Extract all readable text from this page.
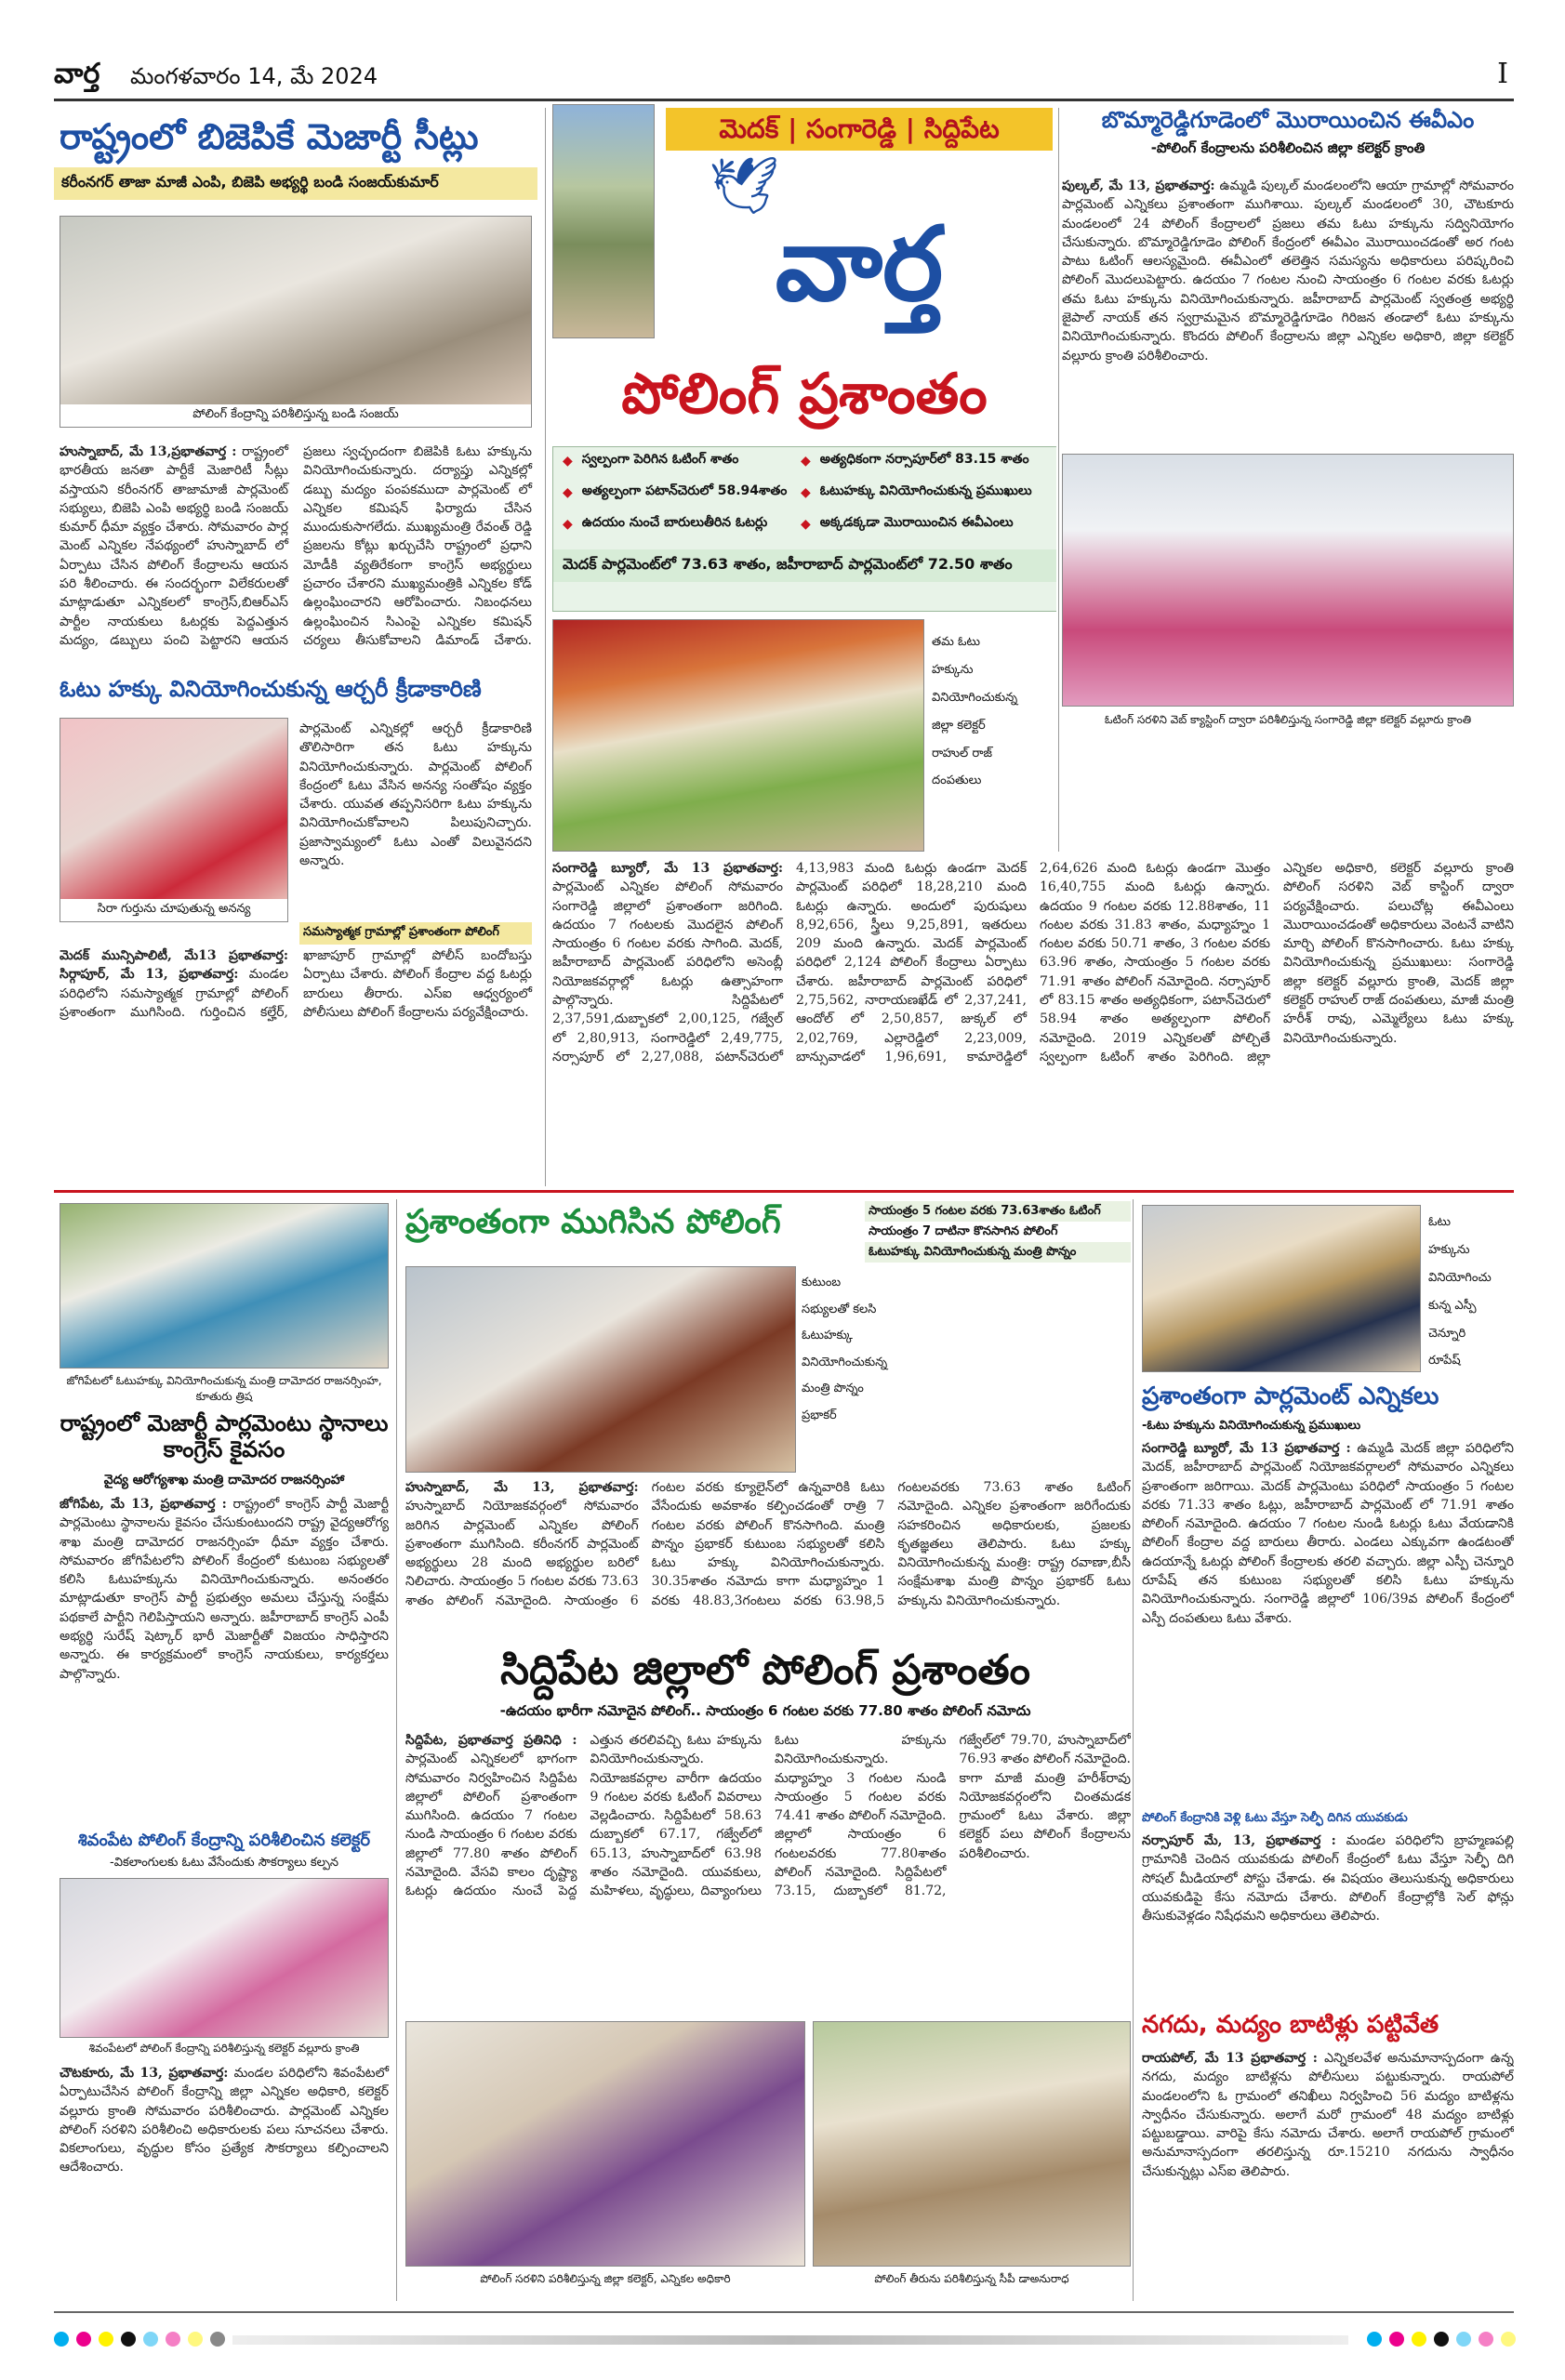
వార్త మంగళవారం 14, మే 2024	I
రాష్ట్రంలో బిజెపికే మెజార్టీ సీట్లు
కరీంనగర్ తాజా మాజీ ఎంపి, బిజెపి అభ్యర్థి బండి సంజయ్‌కుమార్
పోలింగ్ కేంద్రాన్ని పరిశీలిస్తున్న బండి సంజయ్
హుస్నాబాద్, మే 13,ప్రభాతవార్త : రాష్ట్రంలో భారతీయ జనతా పార్టీకే మెజారిటీ సీట్లు వస్తాయని కరీంనగర్ తాజామాజీ పార్లమెంట్ సభ్యులు, బిజెపి ఎంపి అభ్యర్థి బండి సంజయ్ కుమార్ ధీమా వ్యక్తం చేశారు. సోమవారం పార్ల మెంట్ ఎన్నికల నేపథ్యంలో హుస్నాబాద్ లో ఏర్పాటు చేసిన పోలింగ్ కేంద్రాలను ఆయన పరి శీలించారు. ఈ సందర్భంగా విలేకరులతో మాట్లాడుతూ ఎన్నికలలో కాంగ్రెస్,బిఆర్ఎస్ పార్టీల నాయకులు ఓటర్లకు పెద్దఎత్తున మద్యం, డబ్బులు పంచి పెట్టారని ఆయన ప్రజలు స్వచ్ఛందంగా బిజెపికి ఓటు హక్కును వినియోగించుకున్నారు. దర్యాప్తు ఎన్నికల్లో డబ్బు మద్యం పంపకముదా పార్లమెంట్ లో ఎన్నికల కమిషన్ ఫిర్యాదు చేసిన ముందుకుసాగలేదు. ముఖ్యమంత్రి రేవంత్ రెడ్డి ప్రజలను కోట్లు ఖర్చుచేసి రాష్ట్రంలో ప్రధాని మోడీకి వ్యతిరేకంగా కాంగ్రెస్ అభ్యర్థులు ప్రచారం చేశారని ముఖ్యమంత్రికి ఎన్నికల కోడ్ ఉల్లంఘించారని ఆరోపించారు. నిబంధనలు ఉల్లంఘించిన సిఎంపై ఎన్నికల కమిషన్ చర్యలు తీసుకోవాలని డిమాండ్ చేశారు.
మెదక్ | సంగారెడ్డి | సిద్దిపేట
🕊
వార్త
పోలింగ్ ప్రశాంతం
◆ స్వల్పంగా పెరిగిన ఓటింగ్ శాతం	◆ అత్యధికంగా నర్సాపూర్‌లో 83.15 శాతం
◆ అత్యల్పంగా పటాన్‌చెరులో 58.94శాతం ◆ ఓటుహక్కు వినియోగించుకున్న ప్రముఖులు
◆ ఉదయం నుంచే బారులుతీరిన ఓటర్లు	◆ అక్కడక్కడా మొరాయించిన ఈవీఎంలు
మెదక్ పార్లమెంట్‌లో 73.63 శాతం, జహీరాబాద్ పార్లమెంట్‌లో 72.50 శాతం
తమ ఓటు
హక్కును
వినియోగించుకున్న
జిల్లా కలెక్టర్
రాహుల్ రాజ్
దంపతులు
సంగారెడ్డి బ్యూరో, మే 13 ప్రభాతవార్త: పార్లమెంట్ ఎన్నికల పోలింగ్ సోమవారం సంగారెడ్డి జిల్లాలో ప్రశాంతంగా జరిగింది. ఉదయం 7 గంటలకు మొదలైన పోలింగ్ సాయంత్రం 6 గంటల వరకు సాగింది. మెదక్, జహీరాబాద్ పార్లమెంట్ పరిధిలోని అసెంబ్లీ నియోజకవర్గాల్లో ఓటర్లు ఉత్సాహంగా పాల్గొన్నారు. సిద్దిపేటలో 2,37,591,దుబ్బాకలో 2,00,125, గజ్వేల్ లో 2,80,913, సంగారెడ్డిలో 2,49,775, నర్సాపూర్ లో 2,27,088, పటాన్‌చెరులో 4,13,983 మంది ఓటర్లు ఉండగా మెదక్ పార్లమెంట్ పరిధిలో 18,28,210 మంది ఓటర్లు ఉన్నారు. అందులో పురుషులు 8,92,656, స్త్రీలు 9,25,891, ఇతరులు 209 మంది ఉన్నారు. మెదక్ పార్లమెంట్ పరిధిలో 2,124 పోలింగ్ కేంద్రాలు ఏర్పాటు చేశారు. జహీరాబాద్ పార్లమెంట్ పరిధిలో 2,75,562, నారాయణఖేడ్ లో 2,37,241, ఆందోల్ లో 2,50,857, జుక్కల్ లో 2,02,769, ఎల్లారెడ్డిలో 2,23,009, బాన్సువాడలో 1,96,691, కామారెడ్డిలో 2,64,626 మంది ఓటర్లు ఉండగా మొత్తం 16,40,755 మంది ఓటర్లు ఉన్నారు. ఉదయం 9 గంటల వరకు 12.88శాతం, 11 గంటల వరకు 31.83 శాతం, మధ్యాహ్నం 1 గంటల వరకు 50.71 శాతం, 3 గంటల వరకు 63.96 శాతం, సాయంత్రం 5 గంటల వరకు 71.91 శాతం పోలింగ్ నమోదైంది. నర్సాపూర్ లో 83.15 శాతం అత్యధికంగా, పటాన్‌చెరులో 58.94 శాతం అత్యల్పంగా పోలింగ్ నమోదైంది. 2019 ఎన్నికలతో పోల్చితే స్వల్పంగా ఓటింగ్ శాతం పెరిగింది. జిల్లా ఎన్నికల అధికారి, కలెక్టర్ వల్లూరు క్రాంతి పోలింగ్ సరళిని వెబ్ కాస్టింగ్ ద్వారా పర్యవేక్షించారు. పలుచోట్ల ఈవీఎంలు మొరాయించడంతో అధికారులు వెంటనే వాటిని మార్చి పోలింగ్ కొనసాగించారు. ఓటు హక్కు వినియోగించుకున్న ప్రముఖులు: సంగారెడ్డి జిల్లా కలెక్టర్ వల్లూరు క్రాంతి, మెదక్ జిల్లా కలెక్టర్ రాహుల్ రాజ్ దంపతులు, మాజీ మంత్రి హరీశ్ రావు, ఎమ్మెల్యేలు ఓటు హక్కు వినియోగించుకున్నారు.
బొమ్మారెడ్డిగూడెంలో మొరాయించిన ఈవీఎం
-పోలింగ్ కేంద్రాలను పరిశీలించిన జిల్లా కలెక్టర్ క్రాంతి
పుల్కల్, మే 13, ప్రభాతవార్త: ఉమ్మడి పుల్కల్ మండలంలోని ఆయా గ్రామాల్లో సోమవారం పార్లమెంట్ ఎన్నికలు ప్రశాంతంగా ముగిశాయి. పుల్కల్ మండలంలో 30, చౌటకూరు మండలంలో 24 పోలింగ్ కేంద్రాలలో ప్రజలు తమ ఓటు హక్కును సద్వినియోగం చేసుకున్నారు. బొమ్మారెడ్డిగూడెం పోలింగ్ కేంద్రంలో ఈవీఎం మొరాయించడంతో అర గంట పాటు ఓటింగ్ ఆలస్యమైంది. ఈవీఎంలో తలెత్తిన సమస్యను అధికారులు పరిష్కరించి పోలింగ్ మొదలుపెట్టారు. ఉదయం 7 గంటల నుంచి సాయంత్రం 6 గంటల వరకు ఓటర్లు తమ ఓటు హక్కును వినియోగించుకున్నారు. జహీరాబాద్ పార్లమెంట్ స్వతంత్ర అభ్యర్థి జైపాల్ నాయక్ తన స్వగ్రామమైన బొమ్మారెడ్డిగూడెం గిరిజన తండాలో ఓటు హక్కును వినియోగించుకున్నారు. కొందరు పోలింగ్ కేంద్రాలను జిల్లా ఎన్నికల అధికారి, జిల్లా కలెక్టర్ వల్లూరు క్రాంతి పరిశీలించారు.
ఓటింగ్ సరళిని వెబ్ క్యాస్టింగ్ ద్వారా పరిశీలిస్తున్న సంగారెడ్డి జిల్లా కలెక్టర్ వల్లూరు క్రాంతి
ఓటు హక్కు వినియోగించుకున్న ఆర్చరీ క్రీడాకారిణి
సిరా గుర్తును చూపుతున్న అనన్య
పార్లమెంట్ ఎన్నికల్లో ఆర్చరీ క్రీడాకారిణి తొలిసారిగా తన ఓటు హక్కును వినియోగించుకున్నారు. పార్లమెంట్ పోలింగ్ కేంద్రంలో ఓటు వేసిన అనన్య సంతోషం వ్యక్తం చేశారు. యువత తప్పనిసరిగా ఓటు హక్కును వినియోగించుకోవాలని పిలుపునిచ్చారు. ప్రజాస్వామ్యంలో ఓటు ఎంతో విలువైనదని అన్నారు.
సమస్యాత్మక గ్రామాల్లో ప్రశాంతంగా పోలింగ్
మెదక్ మున్సిపాలిటీ, మే13 ప్రభాతవార్త: సిర్గాపూర్, మే 13, ప్రభాతవార్త: మండల పరిధిలోని సమస్యాత్మక గ్రామాల్లో పోలింగ్ ప్రశాంతంగా ముగిసింది. గుర్తించిన కల్హేర్, ఖాజాపూర్ గ్రామాల్లో పోలీస్ బందోబస్తు ఏర్పాటు చేశారు. పోలింగ్ కేంద్రాల వద్ద ఓటర్లు బారులు తీరారు. ఎస్ఐ ఆధ్వర్యంలో పోలీసులు పోలింగ్ కేంద్రాలను పర్యవేక్షించారు.
ప్రశాంతంగా ముగిసిన పోలింగ్	సాయంత్రం 5 గంటల వరకు 73.63శాతం ఓటింగ్
సాయంత్రం 7 దాటినా కొనసాగిన పోలింగ్
ఓటుహక్కు వినియోగించుకున్న మంత్రి పొన్నం
కుటుంబ
సభ్యులతో కలసి
ఓటుహక్కు
వినియోగించుకున్న
మంత్రి పొన్నం
ప్రభాకర్
హుస్నాబాద్, మే 13, ప్రభాతవార్త: హుస్నాబాద్ నియోజకవర్గంలో సోమవారం జరిగిన పార్లమెంట్ ఎన్నికల పోలింగ్ ప్రశాంతంగా ముగిసింది. కరీంనగర్ పార్లమెంట్ అభ్యర్థులు 28 మంది అభ్యర్థుల బరిలో నిలిచారు. సాయంత్రం 5 గంటల వరకు 73.63 శాతం పోలింగ్ నమోదైంది. సాయంత్రం 6 గంటల వరకు క్యూలైన్‌లో ఉన్నవారికి ఓటు వేసేందుకు అవకాశం కల్పించడంతో రాత్రి 7 గంటల వరకు పోలింగ్ కొనసాగింది. మంత్రి పొన్నం ప్రభాకర్ కుటుంబ సభ్యులతో కలిసి ఓటు హక్కు వినియోగించుకున్నారు. 30.35శాతం నమోదు కాగా మధ్యాహ్నం 1 వరకు 48.83,3గంటలు వరకు 63.98,5 గంటలవరకు 73.63 శాతం ఓటింగ్ నమోదైంది. ఎన్నికల ప్రశాంతంగా జరిగేందుకు సహకరించిన అధికారులకు, ప్రజలకు కృతజ్ఞతలు తెలిపారు. ఓటు హక్కు వినియోగించుకున్న మంత్రి: రాష్ట్ర రవాణా,బీసీ సంక్షేమశాఖ మంత్రి పొన్నం ప్రభాకర్ ఓటు హక్కును వినియోగించుకున్నారు.
జోగిపేటలో ఓటుహక్కు వినియోగించుకున్న మంత్రి దామోదర రాజనర్సింహ, కూతురు త్రిష
రాష్ట్రంలో మెజార్టీ పార్లమెంటు స్థానాలు కాంగ్రెస్ కైవసం
వైద్య ఆరోగ్యశాఖ మంత్రి దామోదర రాజనర్సింహా
జోగిపేట, మే 13, ప్రభాతవార్త : రాష్ట్రంలో కాంగ్రెస్ పార్టీ మెజార్టీ పార్లమెంటు స్థానాలను కైవసం చేసుకుంటుందని రాష్ట్ర వైద్యఆరోగ్య శాఖ మంత్రి దామోదర రాజనర్సింహ ధీమా వ్యక్తం చేశారు. సోమవారం జోగిపేటలోని పోలింగ్ కేంద్రంలో కుటుంబ సభ్యులతో కలిసి ఓటుహక్కును వినియోగించుకున్నారు. అనంతరం మాట్లాడుతూ కాంగ్రెస్ పార్టీ ప్రభుత్వం అమలు చేస్తున్న సంక్షేమ పథకాలే పార్టీని గెలిపిస్తాయని అన్నారు. జహీరాబాద్ కాంగ్రెస్ ఎంపీ అభ్యర్థి సురేష్ షెట్కార్ భారీ మెజార్టీతో విజయం సాధిస్తారని అన్నారు. ఈ కార్యక్రమంలో కాంగ్రెస్ నాయకులు, కార్యకర్తలు పాల్గొన్నారు.
శివంపేట పోలింగ్ కేంద్రాన్ని పరిశీలించిన కలెక్టర్
-వికలాంగులకు ఓటు వేసేందుకు సౌకర్యాలు కల్పన
శివంపేటలో పోలింగ్ కేంద్రాన్ని పరిశీలిస్తున్న కలెక్టర్ వల్లూరు క్రాంతి
చౌటకూరు, మే 13, ప్రభాతవార్త: మండల పరిధిలోని శివంపేటలో ఏర్పాటుచేసిన పోలింగ్ కేంద్రాన్ని జిల్లా ఎన్నికల అధికారి, కలెక్టర్ వల్లూరు క్రాంతి సోమవారం పరిశీలించారు. పార్లమెంట్ ఎన్నికల పోలింగ్ సరళిని పరిశీలించి అధికారులకు పలు సూచనలు చేశారు. వికలాంగులు, వృద్ధుల కోసం ప్రత్యేక సౌకర్యాలు కల్పించాలని ఆదేశించారు.
ఓటు
హక్కును
వినియోగించు
కున్న ఎస్పీ
చెన్నూరి
రూపేష్
ప్రశాంతంగా పార్లమెంట్ ఎన్నికలు
-ఓటు హక్కును వినియోగించుకున్న ప్రముఖులు
సంగారెడ్డి బ్యూరో, మే 13 ప్రభాతవార్త : ఉమ్మడి మెదక్ జిల్లా పరిధిలోని మెదక్, జహీరాబాద్ పార్లమెంట్ నియోజకవర్గాలలో సోమవారం ఎన్నికలు ప్రశాంతంగా జరిగాయి. మెదక్ పార్లమెంటు పరిధిలో సాయంత్రం 5 గంటల వరకు 71.33 శాతం ఓట్లు, జహీరాబాద్ పార్లమెంట్ లో 71.91 శాతం పోలింగ్ నమోదైంది. ఉదయం 7 గంటల నుండి ఓటర్లు ఓటు వేయడానికి పోలింగ్ కేంద్రాల వద్ద బారులు తీరారు. ఎండలు ఎక్కువగా ఉండటంతో ఉదయాన్నే ఓటర్లు పోలింగ్ కేంద్రాలకు తరలి వచ్చారు. జిల్లా ఎస్పీ చెన్నూరి రూపేష్ తన కుటుంబ సభ్యులతో కలిసి ఓటు హక్కును వినియోగించుకున్నారు. సంగారెడ్డి జిల్లాలో 106/39వ పోలింగ్ కేంద్రంలో ఎస్పీ దంపతులు ఓటు వేశారు.
పోలింగ్ కేంద్రానికి వెళ్లి ఓటు వేస్తూ సెల్ఫీ దిగిన యువకుడు
నర్సాపూర్ మే, 13, ప్రభాతవార్త : మండల పరిధిలోని బ్రాహ్మణపల్లి గ్రామానికి చెందిన యువకుడు పోలింగ్ కేంద్రంలో ఓటు వేస్తూ సెల్ఫీ దిగి సోషల్ మీడియాలో పోస్టు చేశాడు. ఈ విషయం తెలుసుకున్న అధికారులు యువకుడిపై కేసు నమోదు చేశారు. పోలింగ్ కేంద్రాల్లోకి సెల్ ఫోన్లు తీసుకువెళ్లడం నిషేధమని అధికారులు తెలిపారు.
నగదు, మద్యం బాటిళ్లు పట్టివేత
రాయపోల్, మే 13 ప్రభాతవార్త : ఎన్నికలవేళ అనుమానాస్పదంగా ఉన్న నగదు, మద్యం బాటిళ్లను పోలీసులు పట్టుకున్నారు. రాయపోల్ మండలంలోని ఓ గ్రామంలో తనిఖీలు నిర్వహించి 56 మద్యం బాటిళ్లను స్వాధీనం చేసుకున్నారు. అలాగే మరో గ్రామంలో 48 మద్యం బాటిళ్లు పట్టుబడ్డాయి. వారిపై కేసు నమోదు చేశారు. అలాగే రాయపోల్ గ్రామంలో అనుమానాస్పదంగా తరలిస్తున్న రూ.15210 నగదును స్వాధీనం చేసుకున్నట్లు ఎస్ఐ తెలిపారు.
సిద్దిపేట జిల్లాలో పోలింగ్ ప్రశాంతం
-ఉదయం భారీగా నమోదైన పోలింగ్.. సాయంత్రం 6 గంటల వరకు 77.80 శాతం పోలింగ్ నమోదు
సిద్దిపేట, ప్రభాతవార్త ప్రతినిధి : పార్లమెంట్ ఎన్నికలలో భాగంగా సోమవారం నిర్వహించిన సిద్దిపేట జిల్లాలో పోలింగ్ ప్రశాంతంగా ముగిసింది. ఉదయం 7 గంటల నుండి సాయంత్రం 6 గంటల వరకు జిల్లాలో 77.80 శాతం పోలింగ్ నమోదైంది. వేసవి కాలం దృష్ట్యా ఓటర్లు ఉదయం నుంచే పెద్ద ఎత్తున తరలివచ్చి ఓటు హక్కును వినియోగించుకున్నారు. నియోజకవర్గాల వారీగా ఉదయం 9 గంటల వరకు ఓటింగ్ వివరాలు వెల్లడించారు. సిద్దిపేటలో 58.63 దుబ్బాకలో 67.17, గజ్వేల్‌లో 65.13, హుస్నాబాద్‌లో 63.98 శాతం నమోదైంది. యువకులు, మహిళలు, వృద్ధులు, దివ్యాంగులు ఓటు హక్కును వినియోగించుకున్నారు. మధ్యాహ్నం 3 గంటల నుండి సాయంత్రం 5 గంటల వరకు 74.41 శాతం పోలింగ్ నమోదైంది. జిల్లాలో సాయంత్రం 6 గంటలవరకు 77.80శాతం పోలింగ్ నమోదైంది. సిద్దిపేటలో 73.15, దుబ్బాకలో 81.72, గజ్వేల్‌లో 79.70, హుస్నాబాద్‌లో 76.93 శాతం పోలింగ్ నమోదైంది. కాగా మాజీ మంత్రి హరీశ్‌రావు నియోజకవర్గంలోని చింతమడక గ్రామంలో ఓటు వేశారు. జిల్లా కలెక్టర్ పలు పోలింగ్ కేంద్రాలను పరిశీలించారు.
పోలింగ్ సరళిని పరిశీలిస్తున్న జిల్లా కలెక్టర్, ఎన్నికల అధికారి	పోలింగ్ తీరును పరిశీలిస్తున్న సీపీ డాఅనురాధ
